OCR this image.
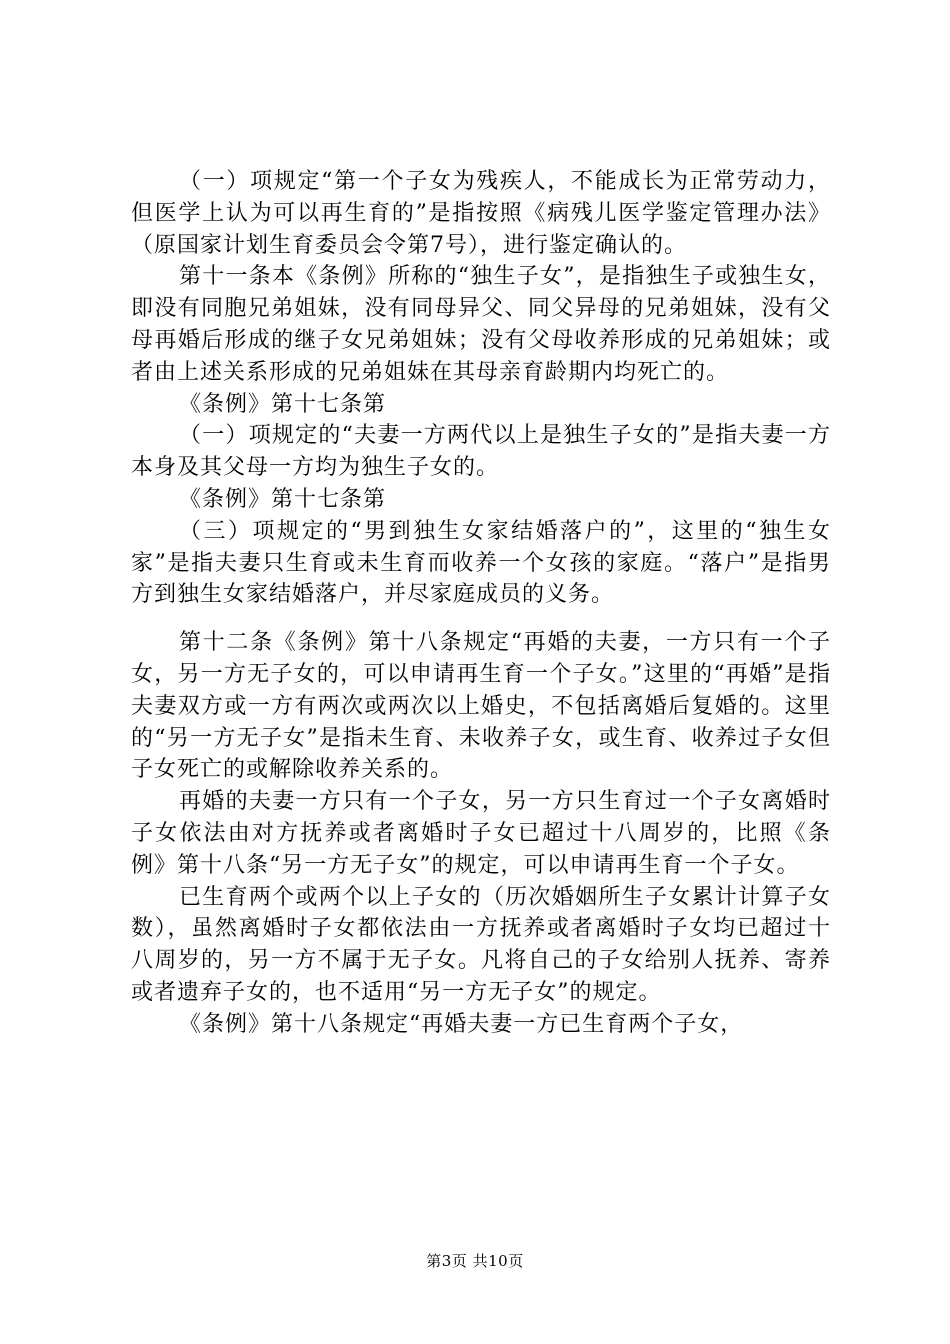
（一）项规定“第一个子女为残疾人，不能成长为正常劳动力，但医学上认为可以再生育的”是指按照《病残儿医学鉴定管理办法》（原国家计划生育委员会令第7号），进行鉴定确认的。

第十一条本《条例》所称的“独生子女”，是指独生子或独生女，即没有同胞兄弟姐妹，没有同母异父、同父异母的兄弟姐妹，没有父母再婚后形成的继子女兄弟姐妹；没有父母收养形成的兄弟姐妹；或者由上述关系形成的兄弟姐妹在其母亲育龄期内均死亡的。

《条例》第十七条第

（一）项规定的“夫妻一方两代以上是独生子女的”是指夫妻一方本身及其父母一方均为独生子女的。

《条例》第十七条第

（三）项规定的“男到独生女家结婚落户的”，这里的“独生女家”是指夫妻只生育或未生育而收养一个女孩的家庭。“落户”是指男方到独生女家结婚落户，并尽家庭成员的义务。

第十二条《条例》第十八条规定“再婚的夫妻，一方只有一个子女，另一方无子女的，可以申请再生育一个子女。”这里的“再婚”是指夫妻双方或一方有两次或两次以上婚史，不包括离婚后复婚的。这里的“另一方无子女”是指未生育、未收养子女，或生育、收养过子女但子女死亡的或解除收养关系的。

再婚的夫妻一方只有一个子女，另一方只生育过一个子女离婚时子女依法由对方抚养或者离婚时子女已超过十八周岁的，比照《条例》第十八条“另一方无子女”的规定，可以申请再生育一个子女。

已生育两个或两个以上子女的（历次婚姻所生子女累计计算子女数），虽然离婚时子女都依法由一方抚养或者离婚时子女均已超过十八周岁的，另一方不属于无子女。凡将自己的子女给别人抚养、寄养或者遗弃子女的，也不适用“另一方无子女”的规定。

《条例》第十八条规定“再婚夫妻一方已生育两个子女，

第3页 共10页
